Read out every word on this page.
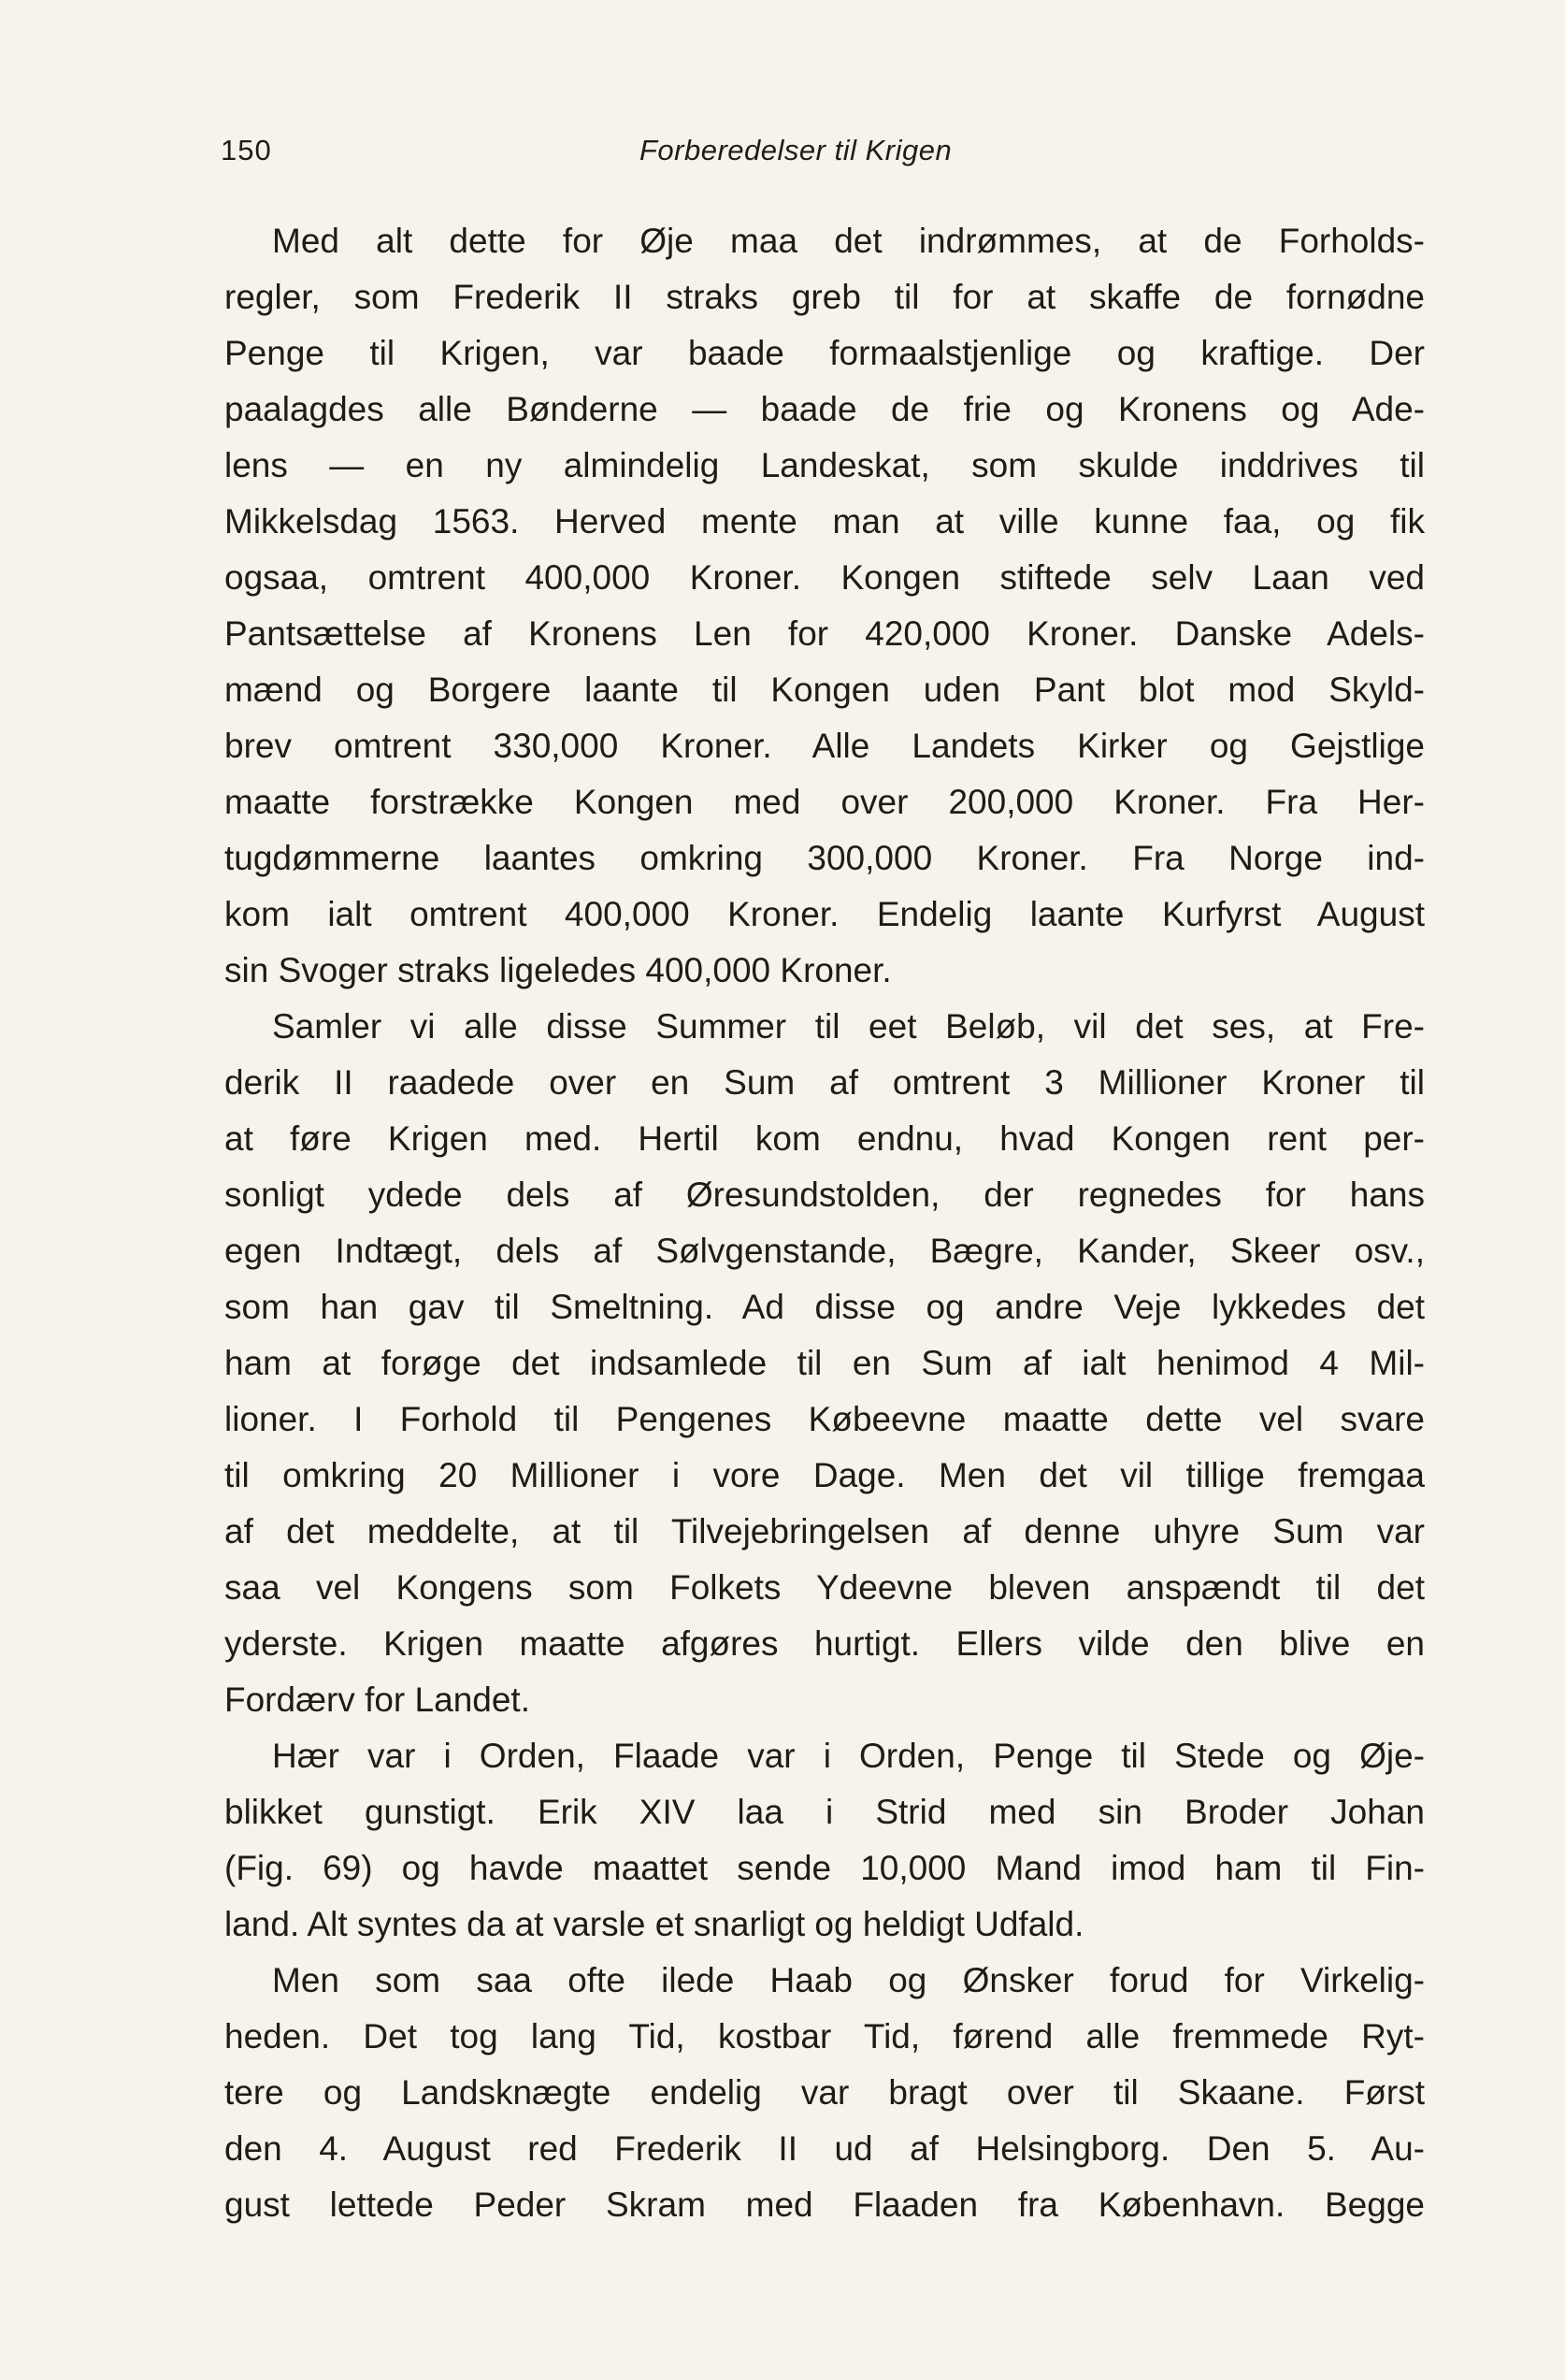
150	Forberedelser til Krigen
Med alt dette for Øje maa det indrømmes, at de Forholds-
regler, som Frederik II straks greb til for at skaffe de fornødne
Penge til Krigen, var baade formaalstjenlige og kraftige. Der
paalagdes alle Bønderne — baade de frie og Kronens og Ade-
lens — en ny almindelig Landeskat, som skulde inddrives til
Mikkelsdag 1563. Herved mente man at ville kunne faa, og fik
ogsaa, omtrent 400,000 Kroner. Kongen stiftede selv Laan ved
Pantsættelse af Kronens Len for 420,000 Kroner. Danske Adels-
mænd og Borgere laante til Kongen uden Pant blot mod Skyld-
brev omtrent 330,000 Kroner. Alle Landets Kirker og Gejstlige
maatte forstrække Kongen med over 200,000 Kroner. Fra Her-
tugdømmerne laantes omkring 300,000 Kroner. Fra Norge ind-
kom ialt omtrent 400,000 Kroner. Endelig laante Kurfyrst August
sin Svoger straks ligeledes 400,000 Kroner.
Samler vi alle disse Summer til eet Beløb, vil det ses, at Fre-
derik II raadede over en Sum af omtrent 3 Millioner Kroner til
at føre Krigen med. Hertil kom endnu, hvad Kongen rent per-
sonligt ydede dels af Øresundstolden, der regnedes for hans
egen Indtægt, dels af Sølvgenstande, Bægre, Kander, Skeer osv.,
som han gav til Smeltning. Ad disse og andre Veje lykkedes det
ham at forøge det indsamlede til en Sum af ialt henimod 4 Mil-
lioner. I Forhold til Pengenes Købeevne maatte dette vel svare
til omkring 20 Millioner i vore Dage. Men det vil tillige fremgaa
af det meddelte, at til Tilvejebringelsen af denne uhyre Sum var
saa vel Kongens som Folkets Ydeevne bleven anspændt til det
yderste. Krigen maatte afgøres hurtigt. Ellers vilde den blive en
Fordærv for Landet.
Hær var i Orden, Flaade var i Orden, Penge til Stede og Øje-
blikket gunstigt. Erik XIV laa i Strid med sin Broder Johan
(Fig. 69) og havde maattet sende 10,000 Mand imod ham til Fin-
land. Alt syntes da at varsle et snarligt og heldigt Udfald.
Men som saa ofte ilede Haab og Ønsker forud for Virkelig-
heden. Det tog lang Tid, kostbar Tid, førend alle fremmede Ryt-
tere og Landsknægte endelig var bragt over til Skaane. Først
den 4. August red Frederik II ud af Helsingborg. Den 5. Au-
gust lettede Peder Skram med Flaaden fra København. Begge
